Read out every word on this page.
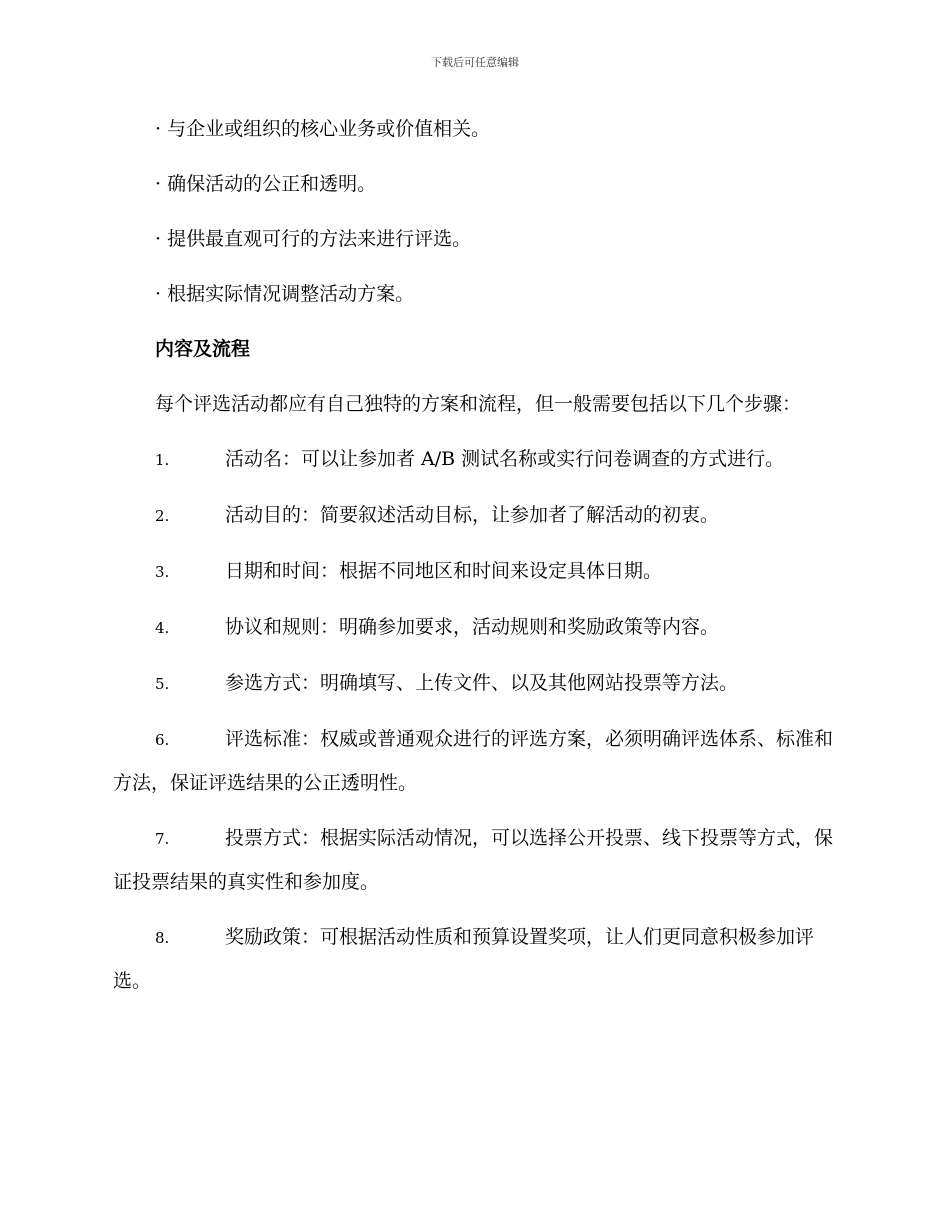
下载后可任意编辑

· 与企业或组织的核心业务或价值相关。

· 确保活动的公正和透明。

· 提供最直观可行的方法来进行评选。

· 根据实际情况调整活动方案。

内容及流程

每个评选活动都应有自己独特的方案和流程，但一般需要包括以下几个步骤：

1.	活动名：可以让参加者 A/B 测试名称或实行问卷调查的方式进行。

2.	活动目的：简要叙述活动目标，让参加者了解活动的初衷。

3.	日期和时间：根据不同地区和时间来设定具体日期。

4.	协议和规则：明确参加要求，活动规则和奖励政策等内容。

5.	参选方式：明确填写、上传文件、以及其他网站投票等方法。

6.	评选标准：权威或普通观众进行的评选方案，必须明确评选体系、标准和方法，保证评选结果的公正透明性。

7.	投票方式：根据实际活动情况，可以选择公开投票、线下投票等方式，保证投票结果的真实性和参加度。

8.	奖励政策：可根据活动性质和预算设置奖项，让人们更同意积极参加评选。
